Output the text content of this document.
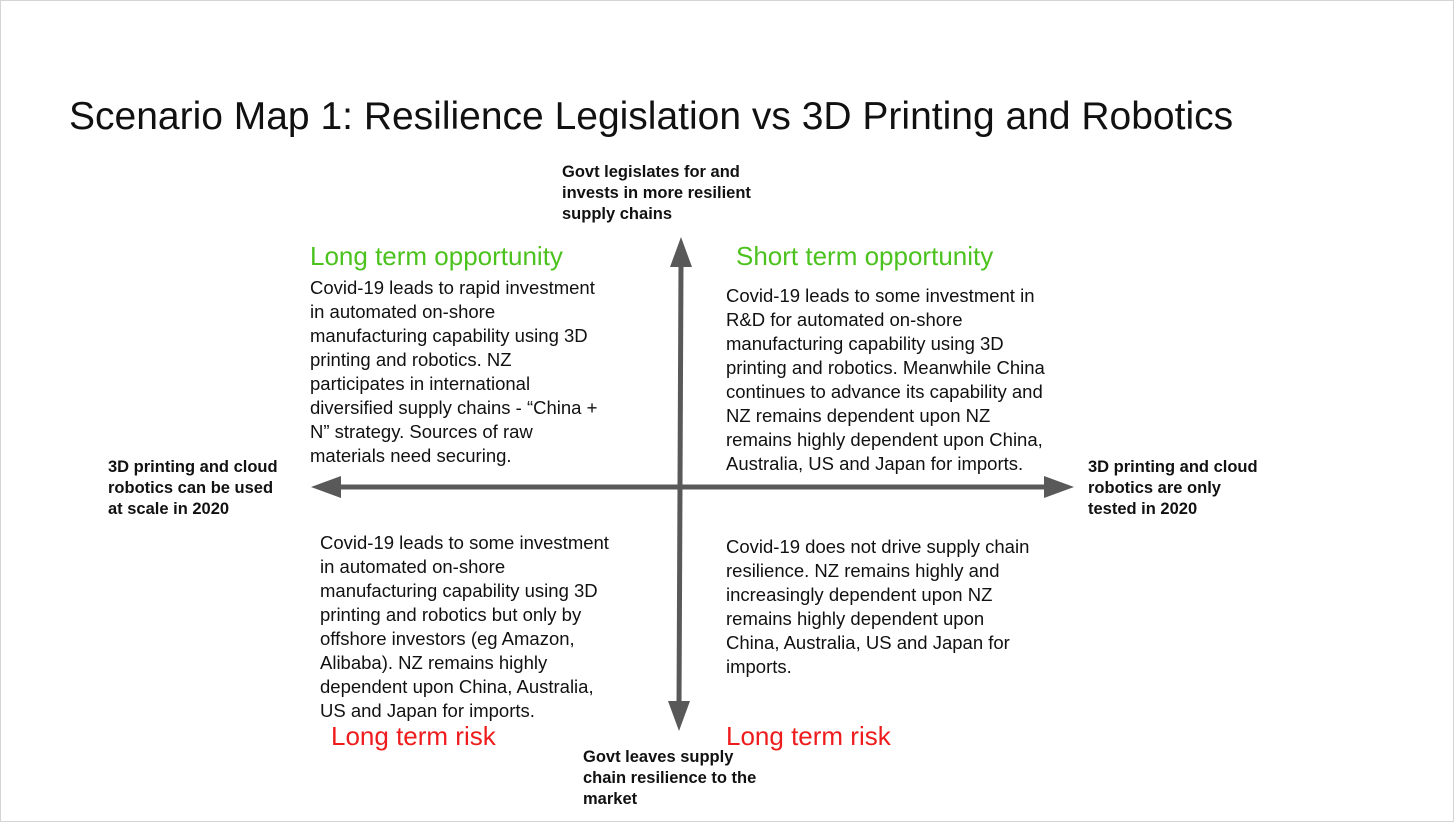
Scenario Map 1: Resilience Legislation vs 3D Printing and Robotics
Govt legislates for and
invests in more resilient
supply chains
Govt leaves supply
chain resilience to the
market
3D printing and cloud
robotics can be used
at scale in 2020
3D printing and cloud
robotics are only
tested in 2020
Long term opportunity	Short term opportunity
Long term risk	Long term risk
Covid-19 leads to rapid investment
in automated on-shore
manufacturing capability using 3D
printing and robotics. NZ
participates in international
diversified supply chains - “China +
N” strategy. Sources of raw
materials need securing.
Covid-19 leads to some investment in
R&D for automated on-shore
manufacturing capability using 3D
printing and robotics. Meanwhile China
continues to advance its capability and
NZ remains dependent upon NZ
remains highly dependent upon China,
Australia, US and Japan for imports.
Covid-19 leads to some investment
in automated on-shore
manufacturing capability using 3D
printing and robotics but only by
offshore investors (eg Amazon,
Alibaba). NZ remains highly
dependent upon China, Australia,
US and Japan for imports.
Covid-19 does not drive supply chain
resilience. NZ remains highly and
increasingly dependent upon NZ
remains highly dependent upon
China, Australia, US and Japan for
imports.
